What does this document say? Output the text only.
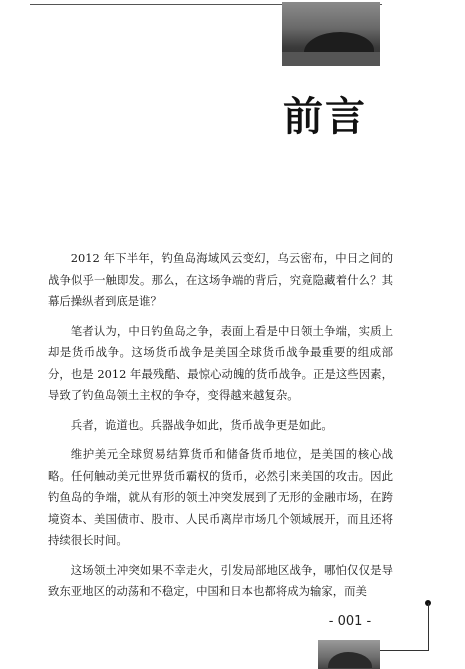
前言

2012 年下半年，钓鱼岛海域风云变幻，乌云密布，中日之间的战争似乎一触即发。那么，在这场争端的背后，究竟隐藏着什么？其幕后操纵者到底是谁？

笔者认为，中日钓鱼岛之争，表面上看是中日领土争端，实质上却是货币战争。这场货币战争是美国全球货币战争最重要的组成部分，也是 2012 年最残酷、最惊心动魄的货币战争。正是这些因素，导致了钓鱼岛领土主权的争夺，变得越来越复杂。

兵者，诡道也。兵器战争如此，货币战争更是如此。

维护美元全球贸易结算货币和储备货币地位，是美国的核心战略。任何触动美元世界货币霸权的货币，必然引来美国的攻击。因此钓鱼岛的争端，就从有形的领土冲突发展到了无形的金融市场，在跨境资本、美国债市、股市、人民币离岸市场几个领域展开，而且还将持续很长时间。

这场领土冲突如果不幸走火，引发局部地区战争，哪怕仅仅是导致东亚地区的动荡和不稳定，中国和日本也都将成为输家，而美

- 001 -
